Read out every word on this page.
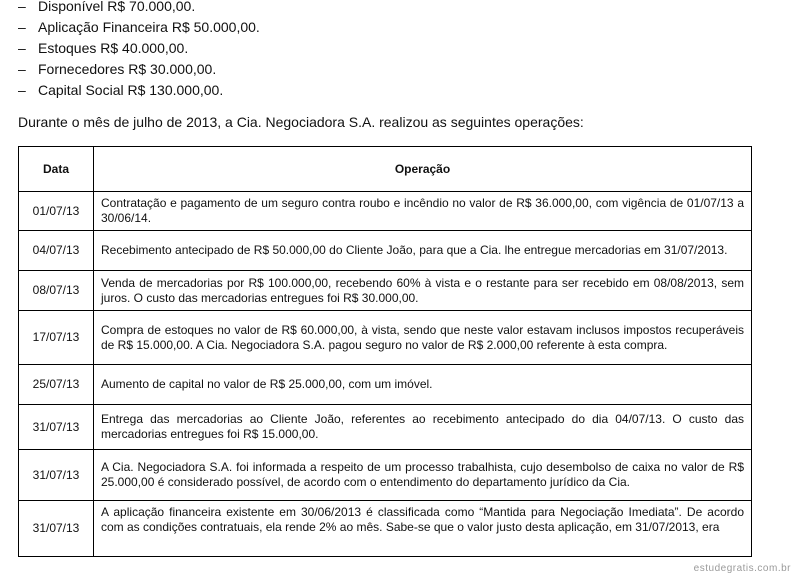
– Disponível R$ 70.000,00.
– Aplicação Financeira R$ 50.000,00.
– Estoques R$ 40.000,00.
– Fornecedores R$ 30.000,00.
– Capital Social R$ 130.000,00.
Durante o mês de julho de 2013, a Cia. Negociadora S.A. realizou as seguintes operações:
Data	Operação
01/07/13	Contratação e pagamento de um seguro contra roubo e incêndio no valor de R$ 36.000,00, com vigência de 01/07/13 a 30/06/14.
04/07/13	Recebimento antecipado de R$ 50.000,00 do Cliente João, para que a Cia. lhe entregue mercadorias em 31/07/2013.
08/07/13	Venda de mercadorias por R$ 100.000,00, recebendo 60% à vista e o restante para ser recebido em 08/08/2013, sem juros. O custo das mercadorias entregues foi R$ 30.000,00.
17/07/13	Compra de estoques no valor de R$ 60.000,00, à vista, sendo que neste valor estavam inclusos impostos recuperáveis de R$ 15.000,00. A Cia. Negociadora S.A. pagou seguro no valor de R$ 2.000,00 referente à esta compra.
25/07/13	Aumento de capital no valor de R$ 25.000,00, com um imóvel.
31/07/13	Entrega das mercadorias ao Cliente João, referentes ao recebimento antecipado do dia 04/07/13. O custo das mercadorias entregues foi R$ 15.000,00.
31/07/13	A Cia. Negociadora S.A. foi informada a respeito de um processo trabalhista, cujo desembolso de caixa no valor de R$ 25.000,00 é considerado possível, de acordo com o entendimento do departamento jurídico da Cia.
31/07/13	A aplicação financeira existente em 30/06/2013 é classificada como “Mantida para Negociação Imediata”. De acordo com as condições contratuais, ela rende 2% ao mês. Sabe-se que o valor justo desta aplicação, em 31/07/2013, era
estudegratis.com.br
